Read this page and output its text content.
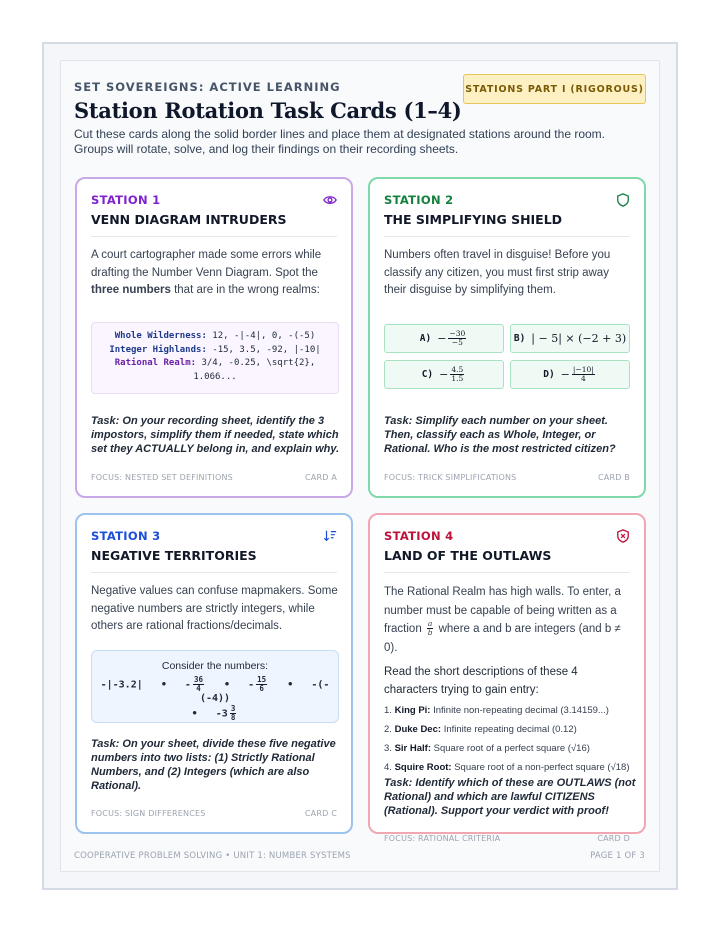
SET SOVEREIGNS: ACTIVE LEARNING
Station Rotation Task Cards (1–4)
Cut these cards along the solid border lines and place them at designated stations around the room. Groups will rotate, solve, and log their findings on their recording sheets.
STATIONS PART I (RIGOROUS)
STATION 1
VENN DIAGRAM INTRUDERS
A court cartographer made some errors while drafting the Number Venn Diagram. Spot the three numbers that are in the wrong realms:
Whole Wilderness: 12, -|-4|, 0, -(-5)
Integer Highlands: -15, 3.5, -92, |-10|
Rational Realm: 3/4, -0.25, \sqrt{2},
1.066...
Task: On your recording sheet, identify the 3 impostors, simplify them if needed, state which set they ACTUALLY belong in, and explain why.
FOCUS: NESTED SET DEFINITIONS	CARD A
STATION 2
THE SIMPLIFYING SHIELD
Numbers often travel in disguise! Before you classify any citizen, you must first strip away their disguise by simplifying them.
$A) - \frac{-30}{-5}$	B) | − 5| × (−2 + 3)
$C) - \frac{4.5}{1.5}$	$D) - \frac{|-10|}{4}$
Task: Simplify each number on your sheet. Then, classify each as Whole, Integer, or Rational. Who is the most restricted citizen?
FOCUS: TRICK SIMPLIFICATIONS	CARD B
STATION 3
NEGATIVE TERRITORIES
Negative values can confuse mapmakers. Some negative numbers are strictly integers, while others are rational fractions/decimals.
Consider the numbers:
-|-3.2| • - $\frac{36}{4}$ • - $\frac{15}{6}$ • -(-(-4))
• $-3 \frac{3}{8}$
Task: On your sheet, divide these five negative numbers into two lists: (1) Strictly Rational Numbers, and (2) Integers (which are also Rational).
FOCUS: SIGN DIFFERENCES	CARD C
STATION 4
LAND OF THE OUTLAWS
The Rational Realm has high walls. To enter, a number must be capable of being written as a fraction $\frac{a}{b}$ where a and b are integers (and b ≠ 0).
Read the short descriptions of these 4 characters trying to gain entry:
1. King Pi: Infinite non-repeating decimal (3.14159...)
2. Duke Dec: Infinite repeating decimal (0.12)
3. Sir Half: Square root of a perfect square (√16)
4. Squire Root: Square root of a non-perfect square (√18)
Task: Identify which of these are OUTLAWS (not Rational) and which are lawful CITIZENS (Rational). Support your verdict with proof!
FOCUS: RATIONAL CRITERIA	CARD D
COOPERATIVE PROBLEM SOLVING • UNIT 1: NUMBER SYSTEMS	PAGE 1 OF 3
